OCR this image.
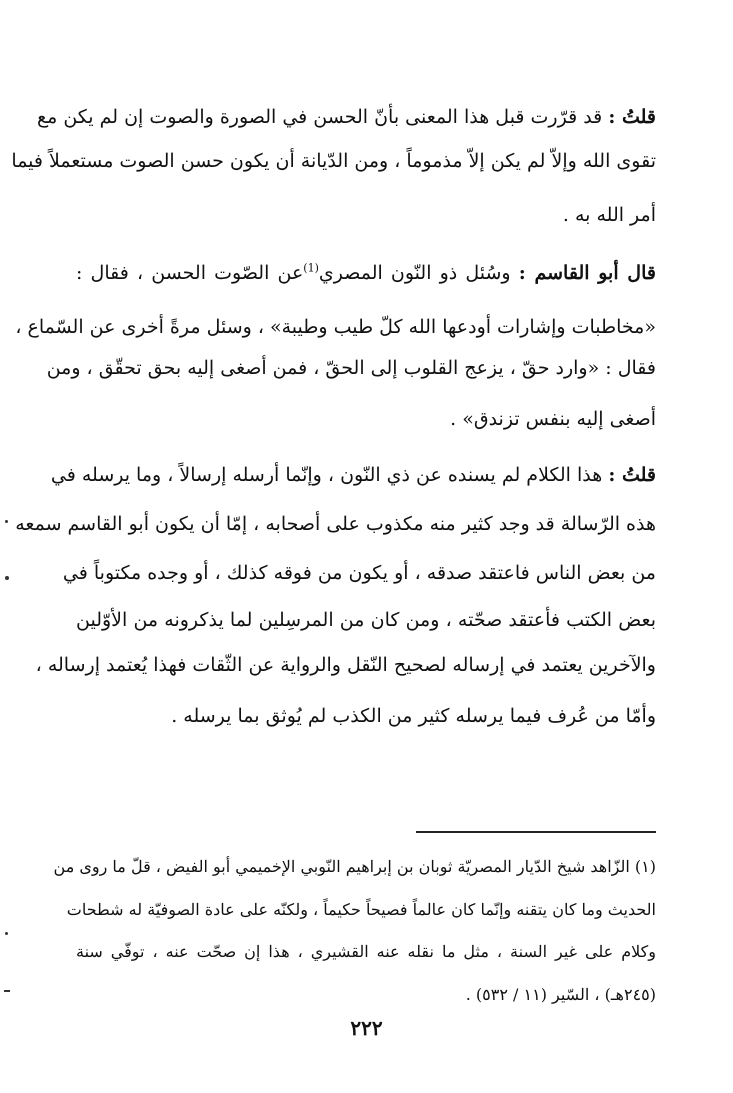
قلتُ : قد قرّرت قبل هذا المعنى بأنّ الحسن في الصورة والصوت إن لم يكن مع
تقوى الله وإلاّ لم يكن إلاّ مذموماً ، ومن الدّيانة أن يكون حسن الصوت مستعملاً فيما
أمر الله به .
قال أبو القاسم : وسُئل ذو النّون المصري$^{(1)}$عن الصّوت الحسن ، فقال :
«مخاطبات وإشارات أودعها الله كلّ طيب وطيبة» ، وسئل مرةً أخرى عن السّماع ،
فقال : «وارد حقّ ، يزعج القلوب إلى الحقّ ، فمن أصغى إليه بحق تحقّق ، ومن
أصغى إليه بنفس تزندق» .
قلتُ : هذا الكلام لم يسنده عن ذي النّون ، وإنّما أرسله إرسالاً ، وما يرسله في
هذه الرّسالة قد وجد كثير منه مكذوب على أصحابه ، إمّا أن يكون أبو القاسم سمعه
من بعض الناس فاعتقد صدقه ، أو يكون من فوقه كذلك ، أو وجده مكتوباً في
بعض الكتب فأعتقد صحّته ، ومن كان من المرسِلين لما يذكرونه من الأوّلين
والآخرين يعتمد في إرساله لصحيح النّقل والرواية عن الثّقات فهذا يُعتمد إرساله ،
وأمّا من عُرف فيما يرسله كثير من الكذب لم يُوثق بما يرسله .
(١) الزّاهد شيخ الدّيار المصريّة ثوبان بن إبراهيم النّوبي الإخميمي أبو الفيض ، قلّ ما روى من
الحديث وما كان يتقنه وإنّما كان عالماً فصيحاً حكيماً ، ولكنّه على عادة الصوفيّة له شطحات
وكلام على غير السنة ، مثل ما نقله عنه القشيري ، هذا إن صحّت عنه ، توفّي سنة
(٢٤٥هـ) ، السّير (١١ / ٥٣٢) .
٢٢٢
